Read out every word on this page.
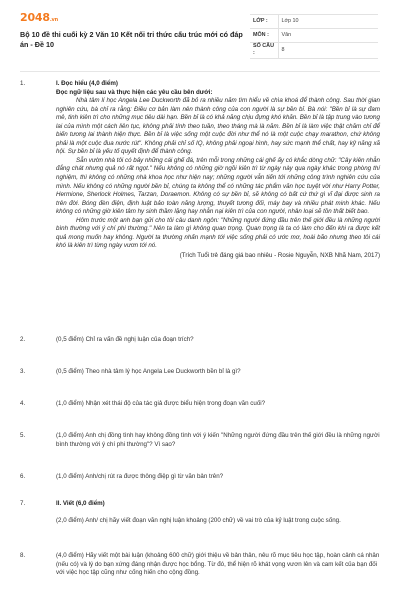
2048.vn
Bộ 10 đề thi cuối kỳ 2 Văn 10 Kết nối tri thức cấu trúc mới có đáp án - Đề 10
LỚP :	Lớp 10
MÔN :	Văn
SỐ CÂU :	8
1.	I. Đọc hiểu (4,0 điểm)
Đọc ngữ liệu sau và thực hiện các yêu cầu bên dưới:

Nhà tâm lí học Angela Lee Duckworth đã bỏ ra nhiều năm tìm hiểu về chìa khoá để thành công. Sau thời gian nghiên cứu, bà chỉ ra rằng: Điều cơ bản làm nên thành công của con người là sự bền bỉ. Bà nói: "Bền bỉ là sự đam mê, tinh kiên trì cho những mục tiêu dài hạn. Bền bỉ là có khả năng chịu đựng khó khăn. Bền bỉ là tập trung vào tương lai của mình một cách liên tục, không phải tính theo tuần, theo tháng mà là năm. Bền bỉ là làm việc thật chăm chỉ để biến tương lai thành hiện thực. Bền bỉ là việc sống một cuộc đời như thể nó là một cuộc chạy marathon, chứ không phải là một cuộc đua nước rút". Không phải chỉ số IQ, không phải ngoại hình, hay sức mạnh thể chất, hay kỹ năng xã hội. Sự bền bỉ là yếu tố quyết định để thành công.

Sẵn vườn nhà tôi có bảy những cái ghế đá, trên mỗi trong những cái ghế ấy có khắc dòng chữ: "Cây kiên nhẫn đắng chát nhưng quả nó rất ngọt." Nếu không có những giờ ngồi kiên trì từ ngày này qua ngày khác trong phòng thí nghiệm, thì không có những nhà khoa học như hiện nay; những người vẫn tiến tới những công trình nghiên cứu của mình. Nếu không có những người bền bỉ, chúng ta không thể có những tác phẩm văn học tuyệt vời như Harry Potter, Hermione, Sherlock Holmes, Tarzan, Doraemon. Không có sự bền bỉ, sẽ không có bất cứ thứ gì vĩ đại được sinh ra trên đời. Bóng đèn điện, định luật bảo toàn năng lượng, thuyết tương đối, máy bay và nhiều phát minh khác. Nếu không có những giờ kiên tâm hy sinh thầm lặng hay nhẫn nại kiên trì của con người, nhân loại sẽ tồn thất biết bao.

Hôm trước một anh bạn gửi cho tôi câu danh ngôn: "Những người đứng đầu trên thế giới đều là những người bình thường với ý chí phi thường." Nên ta làm gì không quan trọng. Quan trọng là ta có làm cho đến khi ra được kết quả mong muốn hay không. Người ta thường nhấn mạnh tới việc sống phải có ước mơ, hoài bão nhưng theo tôi cái khó là kiên trì từng ngày vươn tới nó.

(Trích Tuổi trẻ đáng giá bao nhiêu - Rosie Nguyễn, NXB Nhã Nam, 2017)
2.	(0,5 điểm) Chỉ ra vấn đề nghị luận của đoạn trích?
3.	(0,5 điểm) Theo nhà tâm lý học Angela Lee Duckworth bền bỉ là gì?
4.	(1,0 điểm) Nhận xét thái độ của tác giả được biểu hiện trong đoạn văn cuối?
5.	(1,0 điểm) Anh chị đồng tình hay không đồng tình với ý kiến "Những người đứng đầu trên thế giới đều là những người bình thường với ý chí phi thường"? Vì sao?
6.	(1,0 điểm) Anh/chị rút ra được thông điệp gì từ văn bản trên?
7.	II. Viết (6,0 điểm)
(2,0 điểm) Anh/ chị hãy viết đoạn văn nghị luận khoảng (200 chữ) về vai trò của kỷ luật trong cuộc sống.
8.	(4,0 điểm) Hãy viết một bài luận (khoảng 600 chữ) giới thiệu về bản thân, nêu rõ mục tiêu học tập, hoàn cảnh cá nhân (nếu có) và lý do bạn xứng đáng nhận được học bổng. Từ đó, thể hiện rõ khát vọng vươn lên và cam kết của bạn đối với việc học tập cũng như cống hiến cho cộng đồng.
